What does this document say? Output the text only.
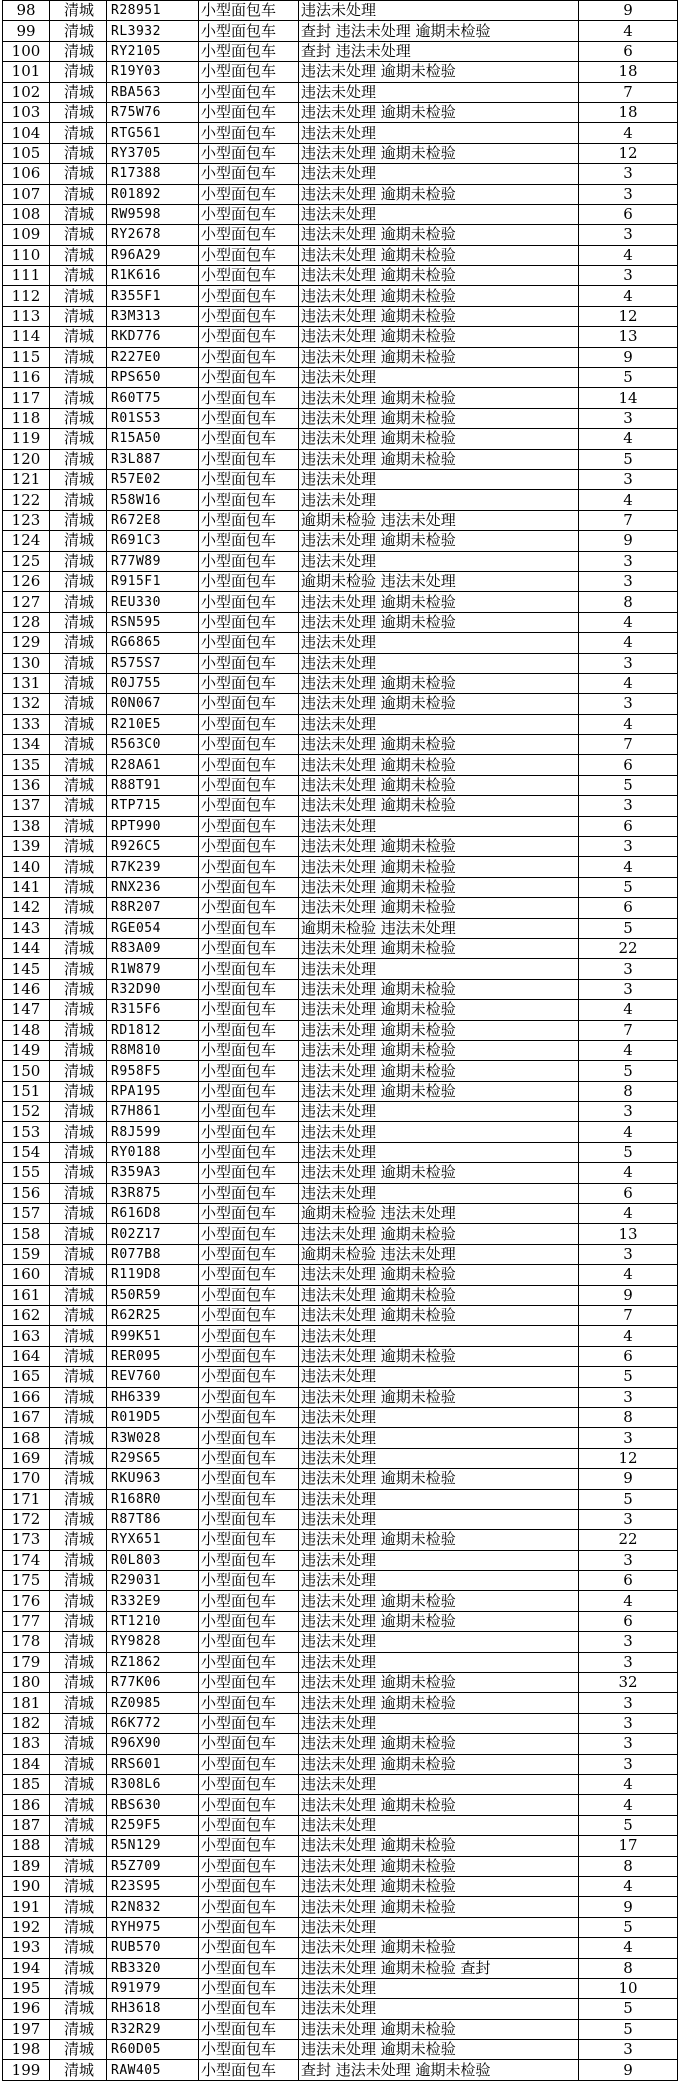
98	清城	R28951	小型面包车	违法未处理	9
99	清城	RL3932	小型面包车	查封 违法未处理 逾期未检验	4
100	清城	RY2105	小型面包车	查封 违法未处理	6
101	清城	R19Y03	小型面包车	违法未处理 逾期未检验	18
102	清城	RBA563	小型面包车	违法未处理	7
103	清城	R75W76	小型面包车	违法未处理 逾期未检验	18
104	清城	RTG561	小型面包车	违法未处理	4
105	清城	RY3705	小型面包车	违法未处理 逾期未检验	12
106	清城	R17388	小型面包车	违法未处理	3
107	清城	R01892	小型面包车	违法未处理 逾期未检验	3
108	清城	RW9598	小型面包车	违法未处理	6
109	清城	RY2678	小型面包车	违法未处理 逾期未检验	3
110	清城	R96A29	小型面包车	违法未处理 逾期未检验	4
111	清城	R1K616	小型面包车	违法未处理 逾期未检验	3
112	清城	R355F1	小型面包车	违法未处理 逾期未检验	4
113	清城	R3M313	小型面包车	违法未处理 逾期未检验	12
114	清城	RKD776	小型面包车	违法未处理 逾期未检验	13
115	清城	R227E0	小型面包车	违法未处理 逾期未检验	9
116	清城	RPS650	小型面包车	违法未处理	5
117	清城	R60T75	小型面包车	违法未处理 逾期未检验	14
118	清城	R01S53	小型面包车	违法未处理 逾期未检验	3
119	清城	R15A50	小型面包车	违法未处理 逾期未检验	4
120	清城	R3L887	小型面包车	违法未处理 逾期未检验	5
121	清城	R57E02	小型面包车	违法未处理	3
122	清城	R58W16	小型面包车	违法未处理	4
123	清城	R672E8	小型面包车	逾期未检验 违法未处理	7
124	清城	R691C3	小型面包车	违法未处理 逾期未检验	9
125	清城	R77W89	小型面包车	违法未处理	3
126	清城	R915F1	小型面包车	逾期未检验 违法未处理	3
127	清城	REU330	小型面包车	违法未处理 逾期未检验	8
128	清城	RSN595	小型面包车	违法未处理 逾期未检验	4
129	清城	RG6865	小型面包车	违法未处理	4
130	清城	R575S7	小型面包车	违法未处理	3
131	清城	R0J755	小型面包车	违法未处理 逾期未检验	4
132	清城	R0N067	小型面包车	违法未处理 逾期未检验	3
133	清城	R210E5	小型面包车	违法未处理	4
134	清城	R563C0	小型面包车	违法未处理 逾期未检验	7
135	清城	R28A61	小型面包车	违法未处理 逾期未检验	6
136	清城	R88T91	小型面包车	违法未处理 逾期未检验	5
137	清城	RTP715	小型面包车	违法未处理 逾期未检验	3
138	清城	RPT990	小型面包车	违法未处理	6
139	清城	R926C5	小型面包车	违法未处理 逾期未检验	3
140	清城	R7K239	小型面包车	违法未处理 逾期未检验	4
141	清城	RNX236	小型面包车	违法未处理 逾期未检验	5
142	清城	R8R207	小型面包车	违法未处理 逾期未检验	6
143	清城	RGE054	小型面包车	逾期未检验 违法未处理	5
144	清城	R83A09	小型面包车	违法未处理 逾期未检验	22
145	清城	R1W879	小型面包车	违法未处理	3
146	清城	R32D90	小型面包车	违法未处理 逾期未检验	3
147	清城	R315F6	小型面包车	违法未处理 逾期未检验	4
148	清城	RD1812	小型面包车	违法未处理 逾期未检验	7
149	清城	R8M810	小型面包车	违法未处理 逾期未检验	4
150	清城	R958F5	小型面包车	违法未处理 逾期未检验	5
151	清城	RPA195	小型面包车	违法未处理 逾期未检验	8
152	清城	R7H861	小型面包车	违法未处理	3
153	清城	R8J599	小型面包车	违法未处理	4
154	清城	RY0188	小型面包车	违法未处理	5
155	清城	R359A3	小型面包车	违法未处理 逾期未检验	4
156	清城	R3R875	小型面包车	违法未处理	6
157	清城	R616D8	小型面包车	逾期未检验 违法未处理	4
158	清城	R02Z17	小型面包车	违法未处理 逾期未检验	13
159	清城	R077B8	小型面包车	逾期未检验 违法未处理	3
160	清城	R119D8	小型面包车	违法未处理 逾期未检验	4
161	清城	R50R59	小型面包车	违法未处理 逾期未检验	9
162	清城	R62R25	小型面包车	违法未处理 逾期未检验	7
163	清城	R99K51	小型面包车	违法未处理	4
164	清城	RER095	小型面包车	违法未处理 逾期未检验	6
165	清城	REV760	小型面包车	违法未处理	5
166	清城	RH6339	小型面包车	违法未处理 逾期未检验	3
167	清城	R019D5	小型面包车	违法未处理	8
168	清城	R3W028	小型面包车	违法未处理	3
169	清城	R29S65	小型面包车	违法未处理	12
170	清城	RKU963	小型面包车	违法未处理 逾期未检验	9
171	清城	R168R0	小型面包车	违法未处理	5
172	清城	R87T86	小型面包车	违法未处理	3
173	清城	RYX651	小型面包车	违法未处理 逾期未检验	22
174	清城	R0L803	小型面包车	违法未处理	3
175	清城	R29031	小型面包车	违法未处理	6
176	清城	R332E9	小型面包车	违法未处理 逾期未检验	4
177	清城	RT1210	小型面包车	违法未处理 逾期未检验	6
178	清城	RY9828	小型面包车	违法未处理	3
179	清城	RZ1862	小型面包车	违法未处理	3
180	清城	R77K06	小型面包车	违法未处理 逾期未检验	32
181	清城	RZ0985	小型面包车	违法未处理 逾期未检验	3
182	清城	R6K772	小型面包车	违法未处理	3
183	清城	R96X90	小型面包车	违法未处理 逾期未检验	3
184	清城	RRS601	小型面包车	违法未处理 逾期未检验	3
185	清城	R308L6	小型面包车	违法未处理	4
186	清城	RBS630	小型面包车	违法未处理 逾期未检验	4
187	清城	R259F5	小型面包车	违法未处理	5
188	清城	R5N129	小型面包车	违法未处理 逾期未检验	17
189	清城	R5Z709	小型面包车	违法未处理 逾期未检验	8
190	清城	R23S95	小型面包车	违法未处理 逾期未检验	4
191	清城	R2N832	小型面包车	违法未处理 逾期未检验	9
192	清城	RYH975	小型面包车	违法未处理	5
193	清城	RUB570	小型面包车	违法未处理 逾期未检验	4
194	清城	RB3320	小型面包车	违法未处理 逾期未检验 查封	8
195	清城	R91979	小型面包车	违法未处理	10
196	清城	RH3618	小型面包车	违法未处理	5
197	清城	R32R29	小型面包车	违法未处理 逾期未检验	5
198	清城	R60D05	小型面包车	违法未处理 逾期未检验	3
199	清城	RAW405	小型面包车	查封 违法未处理 逾期未检验	9
